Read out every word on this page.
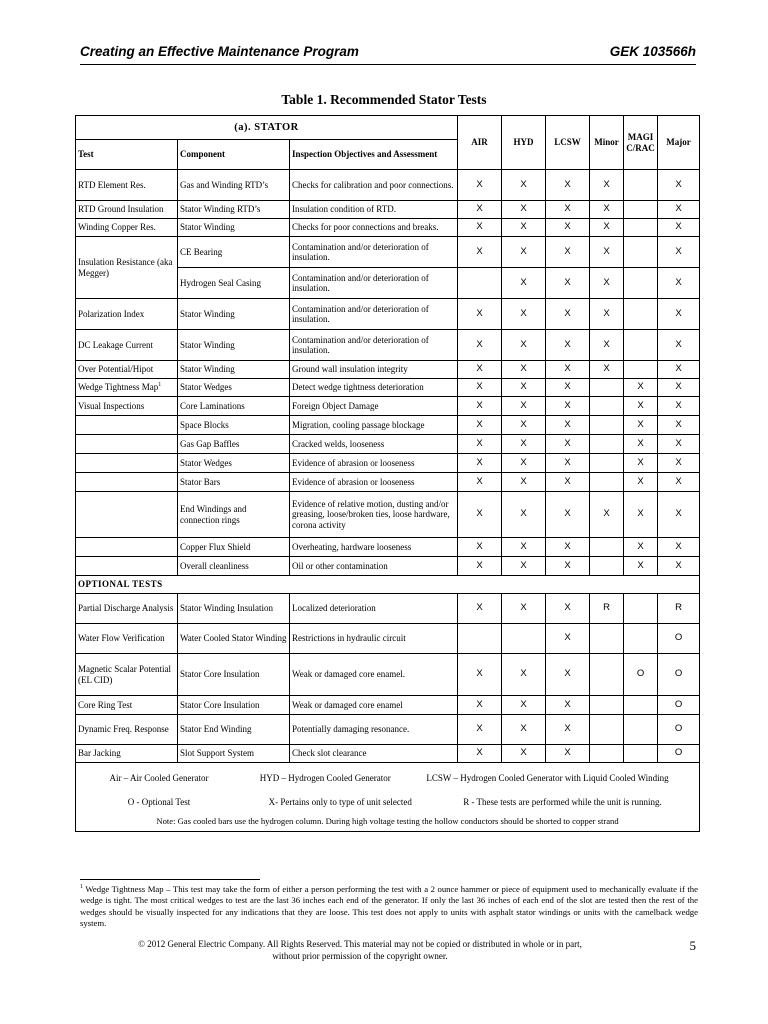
Creating an Effective Maintenance Program	GEK 103566h
Table 1. Recommended Stator Tests
(a). STATOR			AIR	HYD	LCSW	Minor	MAGI C/RAC	Major
Test	Component	Inspection Objectives and Assessment						
RTD Element Res.	Gas and Winding RTD’s	Checks for calibration and poor connections.	X	X	X	X		X
RTD Ground Insulation	Stator Winding RTD’s	Insulation condition of RTD.	X	X	X	X		X
Winding Copper Res.	Stator Winding	Checks for poor connections and breaks.	X	X	X	X		X
Insulation Resistance (aka Megger)	CE Bearing	Contamination and/or deterioration of insulation.	X	X	X	X		X
	Hydrogen Seal Casing	Contamination and/or deterioration of insulation.		X	X	X		X
Polarization Index	Stator Winding	Contamination and/or deterioration of insulation.	X	X	X	X		X
DC Leakage Current	Stator Winding	Contamination and/or deterioration of insulation.	X	X	X	X		X
Over Potential/Hipot	Stator Winding	Ground wall insulation integrity	X	X	X	X		X
Wedge Tightness Map$^1$	Stator Wedges	Detect wedge tightness deterioration	X	X	X		X	X
Visual Inspections	Core Laminations	Foreign Object Damage	X	X	X		X	X
	Space Blocks	Migration, cooling passage blockage	X	X	X		X	X
	Gas Gap Baffles	Cracked welds, looseness	X	X	X		X	X
	Stator Wedges	Evidence of abrasion or looseness	X	X	X		X	X
	Stator Bars	Evidence of abrasion or looseness	X	X	X		X	X
	End Windings and connection rings	Evidence of relative motion, dusting and/or greasing, loose/broken ties, loose hardware, corona activity	X	X	X	X	X	X
	Copper Flux Shield	Overheating, hardware looseness	X	X	X		X	X
	Overall cleanliness	Oil or other contamination	X	X	X		X	X
OPTIONAL TESTS								
Partial Discharge Analysis	Stator Winding Insulation	Localized deterioration	X	X	X	R		R
Water Flow Verification	Water Cooled Stator Winding	Restrictions in hydraulic circuit			X			O
Magnetic Scalar Potential (EL CID)	Stator Core Insulation	Weak or damaged core enamel.	X	X	X		O	O
Core Ring Test	Stator Core Insulation	Weak or damaged core enamel	X	X	X			O
Dynamic Freq. Response	Stator End Winding	Potentially damaging resonance.	X	X	X			O
Bar Jacking	Slot Support System	Check slot clearance	X	X	X			O
Air – Air Cooled Generator HYD – Hydrogen Cooled Generator LCSW – Hydrogen Cooled Generator with Liquid Cooled Winding								
O - Optional Test X- Pertains only to type of unit selected R - These tests are performed while the unit is running.								
Note: Gas cooled bars use the hydrogen column. During high voltage testing the hollow conductors should be shorted to copper strand								
$^1$ Wedge Tightness Map – This test may take the form of either a person performing the test with a 2 ounce hammer or piece of equipment used to mechanically evaluate if the wedge is tight. The most critical wedges to test are the last 36 inches each end of the generator. If only the last 36 inches of each end of the slot are tested then the rest of the wedges should be visually inspected for any indications that they are loose. This test does not apply to units with asphalt stator windings or units with the camelback wedge system.
© 2012 General Electric Company. All Rights Reserved. This material may not be copied or distributed in whole or in part,
without prior permission of the copyright owner.
5
